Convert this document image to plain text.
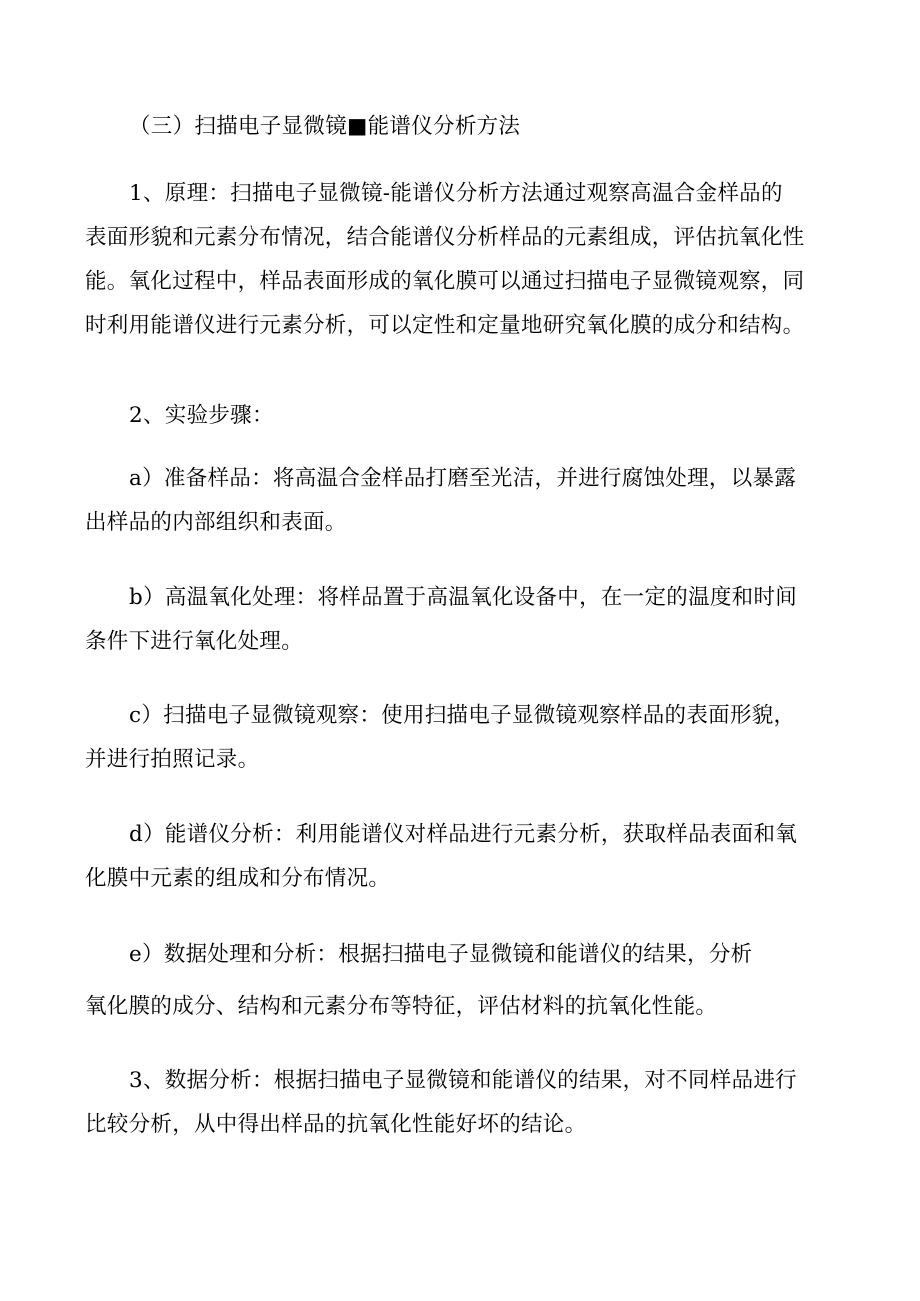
（三）扫描电子显微镜■能谱仪分析方法

1、原理：扫描电子显微镜-能谱仪分析方法通过观察高温合金样品的
表面形貌和元素分布情况，结合能谱仪分析样品的元素组成，评估抗氧化性
能。氧化过程中，样品表面形成的氧化膜可以通过扫描电子显微镜观察，同
时利用能谱仪进行元素分析，可以定性和定量地研究氧化膜的成分和结构。

2、实验步骤：

a）准备样品：将高温合金样品打磨至光洁，并进行腐蚀处理，以暴露
出样品的内部组织和表面。

b）高温氧化处理：将样品置于高温氧化设备中，在一定的温度和时间
条件下进行氧化处理。

c）扫描电子显微镜观察：使用扫描电子显微镜观察样品的表面形貌，
并进行拍照记录。

d）能谱仪分析：利用能谱仪对样品进行元素分析，获取样品表面和氧
化膜中元素的组成和分布情况。

e）数据处理和分析：根据扫描电子显微镜和能谱仪的结果，分析
氧化膜的成分、结构和元素分布等特征，评估材料的抗氧化性能。

3、数据分析：根据扫描电子显微镜和能谱仪的结果，对不同样品进行
比较分析，从中得出样品的抗氧化性能好坏的结论。
